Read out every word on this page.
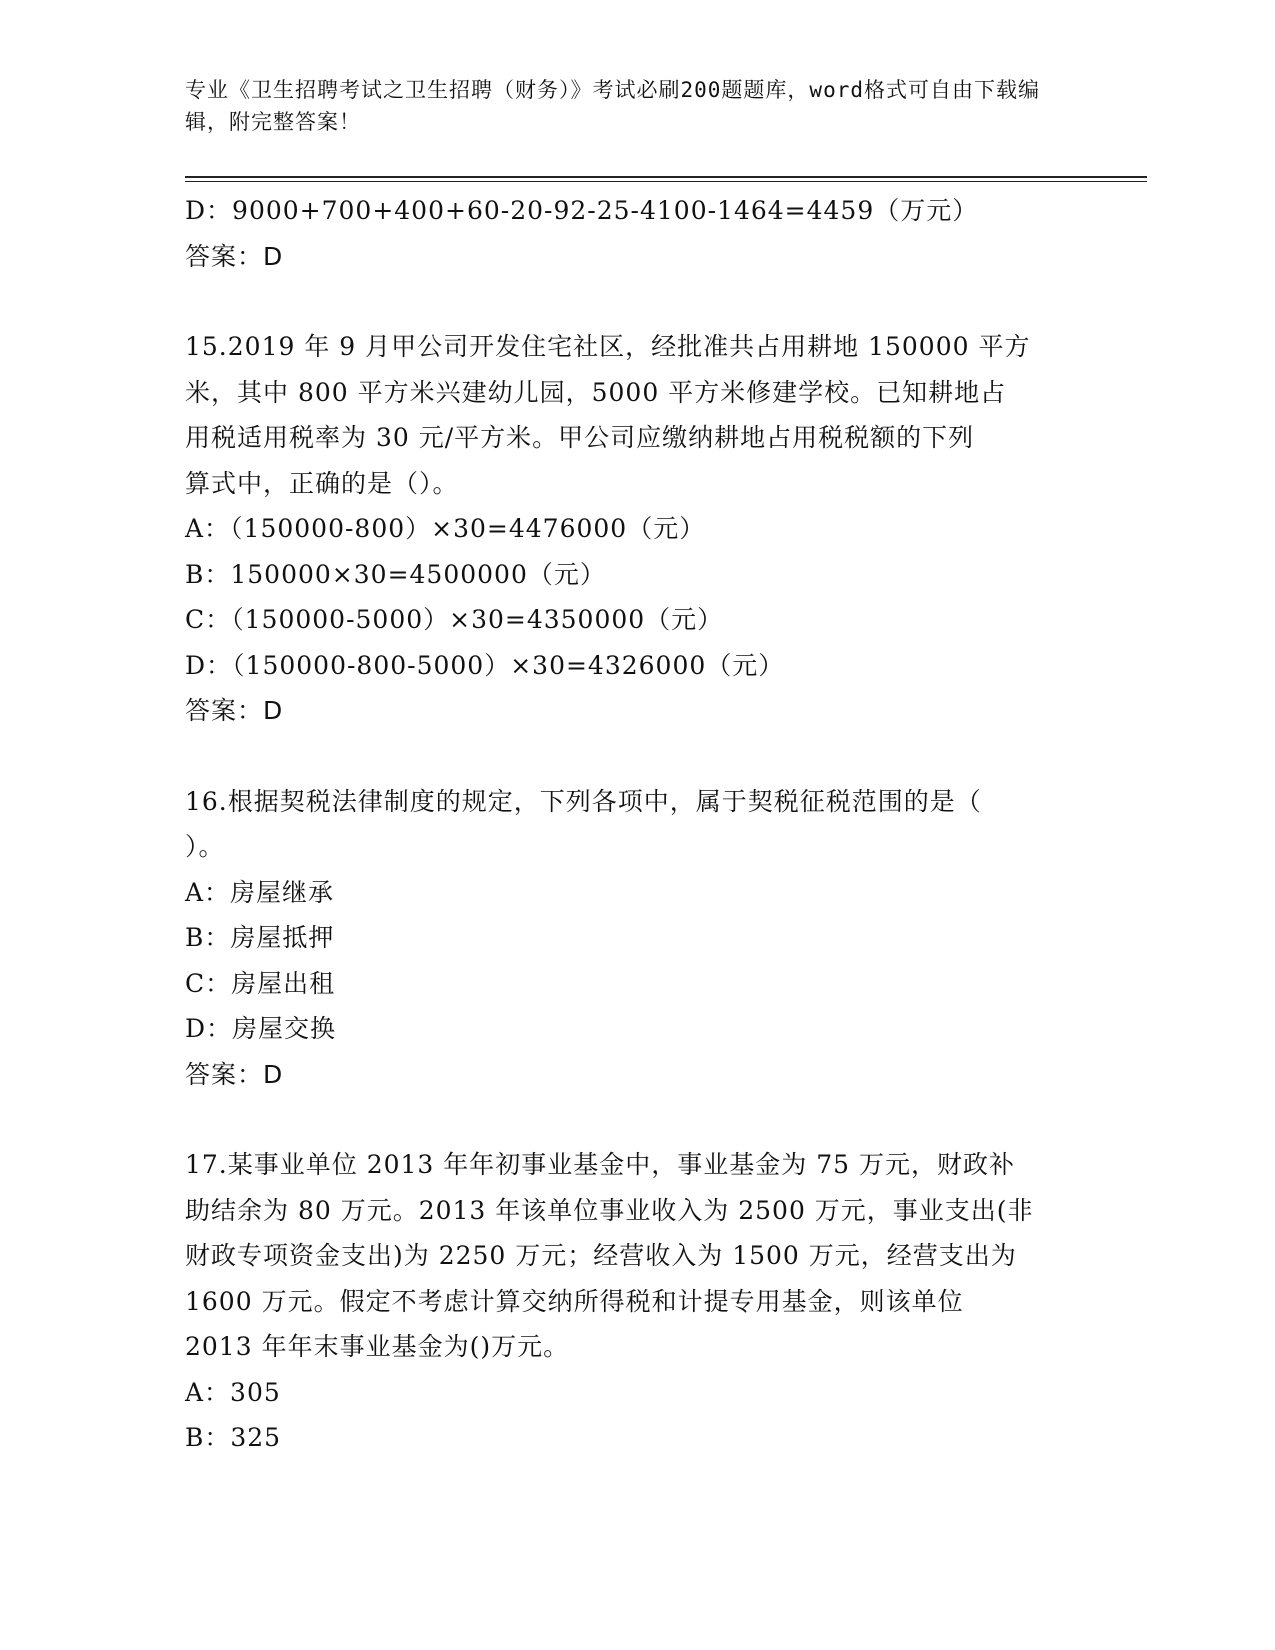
专业《卫生招聘考试之卫生招聘（财务）》考试必刷200题题库，word格式可自由下载编辑，附完整答案！
D：9000+700+400+60-20-92-25-4100-1464=4459（万元）
答案：D
15.2019 年 9 月甲公司开发住宅社区，经批准共占用耕地 150000 平方
米，其中 800 平方米兴建幼儿园，5000 平方米修建学校。已知耕地占
用税适用税率为 30 元/平方米。甲公司应缴纳耕地占用税税额的下列
算式中，正确的是（）。
A：（150000-800）×30=4476000（元）
B：150000×30=4500000（元）
C：（150000-5000）×30=4350000（元）
D：（150000-800-5000）×30=4326000（元）
答案：D
16.根据契税法律制度的规定，下列各项中，属于契税征税范围的是（
）。
A：房屋继承
B：房屋抵押
C：房屋出租
D：房屋交换
答案：D
17.某事业单位 2013 年年初事业基金中，事业基金为 75 万元，财政补
助结余为 80 万元。2013 年该单位事业收入为 2500 万元，事业支出(非
财政专项资金支出)为 2250 万元；经营收入为 1500 万元，经营支出为
1600 万元。假定不考虑计算交纳所得税和计提专用基金，则该单位
2013 年年末事业基金为()万元。
A：305
B：325
